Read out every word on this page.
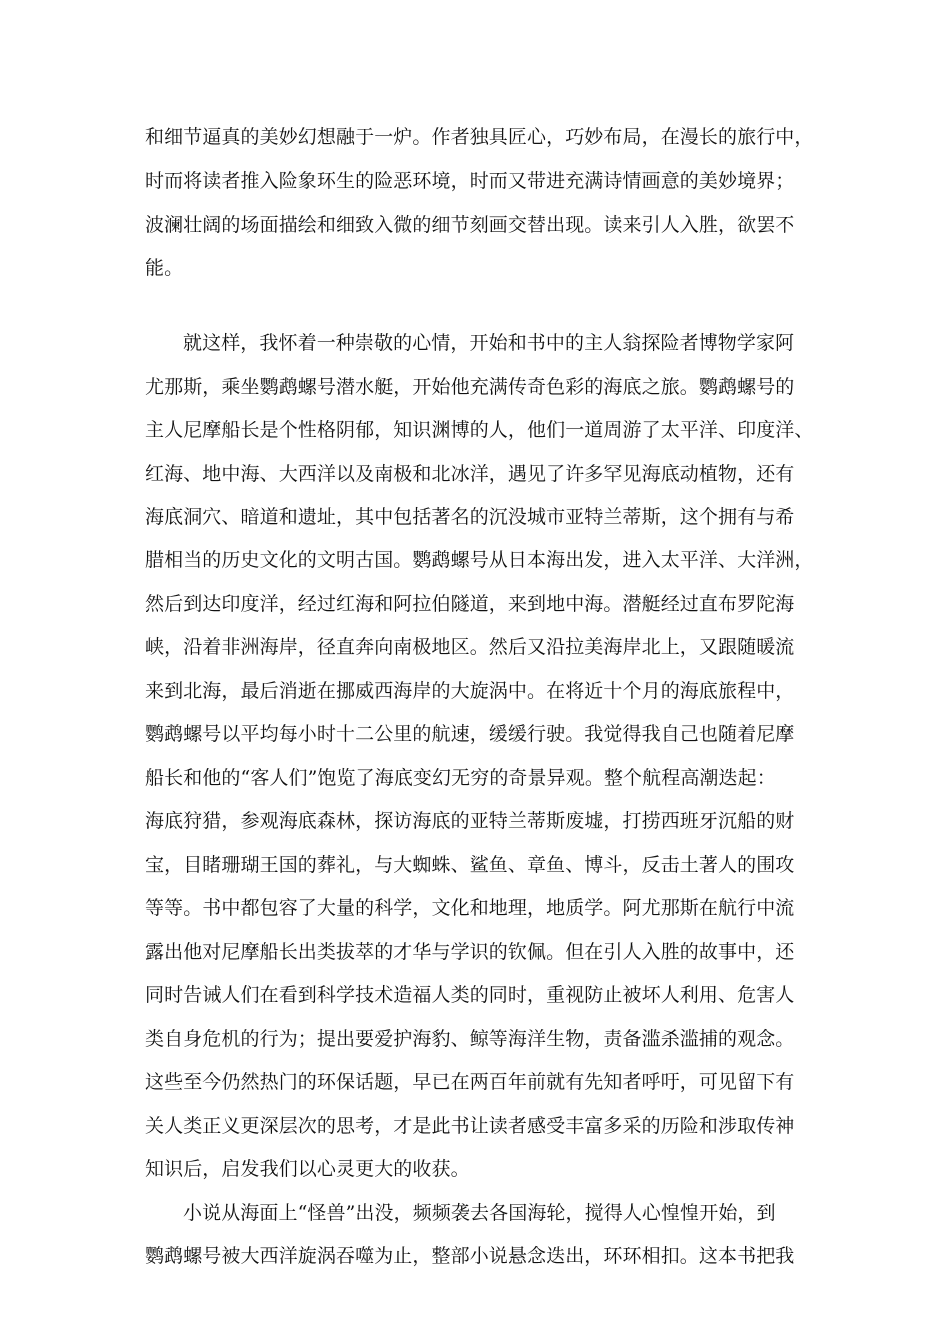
和细节逼真的美妙幻想融于一炉。作者独具匠心，巧妙布局，在漫长的旅行中，
时而将读者推入险象环生的险恶环境，时而又带进充满诗情画意的美妙境界；
波澜壮阔的场面描绘和细致入微的细节刻画交替出现。读来引人入胜，欲罢不
能。
就这样，我怀着一种崇敬的心情，开始和书中的主人翁探险者博物学家阿
尤那斯，乘坐鹦鹉螺号潜水艇，开始他充满传奇色彩的海底之旅。鹦鹉螺号的
主人尼摩船长是个性格阴郁，知识渊博的人，他们一道周游了太平洋、印度洋、
红海、地中海、大西洋以及南极和北冰洋，遇见了许多罕见海底动植物，还有
海底洞穴、暗道和遗址，其中包括著名的沉没城市亚特兰蒂斯，这个拥有与希
腊相当的历史文化的文明古国。鹦鹉螺号从日本海出发，进入太平洋、大洋洲，
然后到达印度洋，经过红海和阿拉伯隧道，来到地中海。潜艇经过直布罗陀海
峡，沿着非洲海岸，径直奔向南极地区。然后又沿拉美海岸北上，又跟随暖流
来到北海，最后消逝在挪威西海岸的大旋涡中。在将近十个月的海底旅程中，
鹦鹉螺号以平均每小时十二公里的航速，缓缓行驶。我觉得我自己也随着尼摩
船长和他的“客人们”饱览了海底变幻无穷的奇景异观。整个航程高潮迭起：
海底狩猎，参观海底森林，探访海底的亚特兰蒂斯废墟，打捞西班牙沉船的财
宝，目睹珊瑚王国的葬礼，与大蜘蛛、鲨鱼、章鱼、博斗，反击土著人的围攻
等等。书中都包容了大量的科学，文化和地理，地质学。阿尤那斯在航行中流
露出他对尼摩船长出类拔萃的才华与学识的钦佩。但在引人入胜的故事中，还
同时告诫人们在看到科学技术造福人类的同时，重视防止被坏人利用、危害人
类自身危机的行为；提出要爱护海豹、鲸等海洋生物，责备滥杀滥捕的观念。
这些至今仍然热门的环保话题，早已在两百年前就有先知者呼吁，可见留下有
关人类正义更深层次的思考，才是此书让读者感受丰富多采的历险和涉取传神
知识后，启发我们以心灵更大的收获。
小说从海面上“怪兽”出没，频频袭去各国海轮，搅得人心惶惶开始，到
鹦鹉螺号被大西洋旋涡吞噬为止，整部小说悬念迭出，环环相扣。这本书把我
